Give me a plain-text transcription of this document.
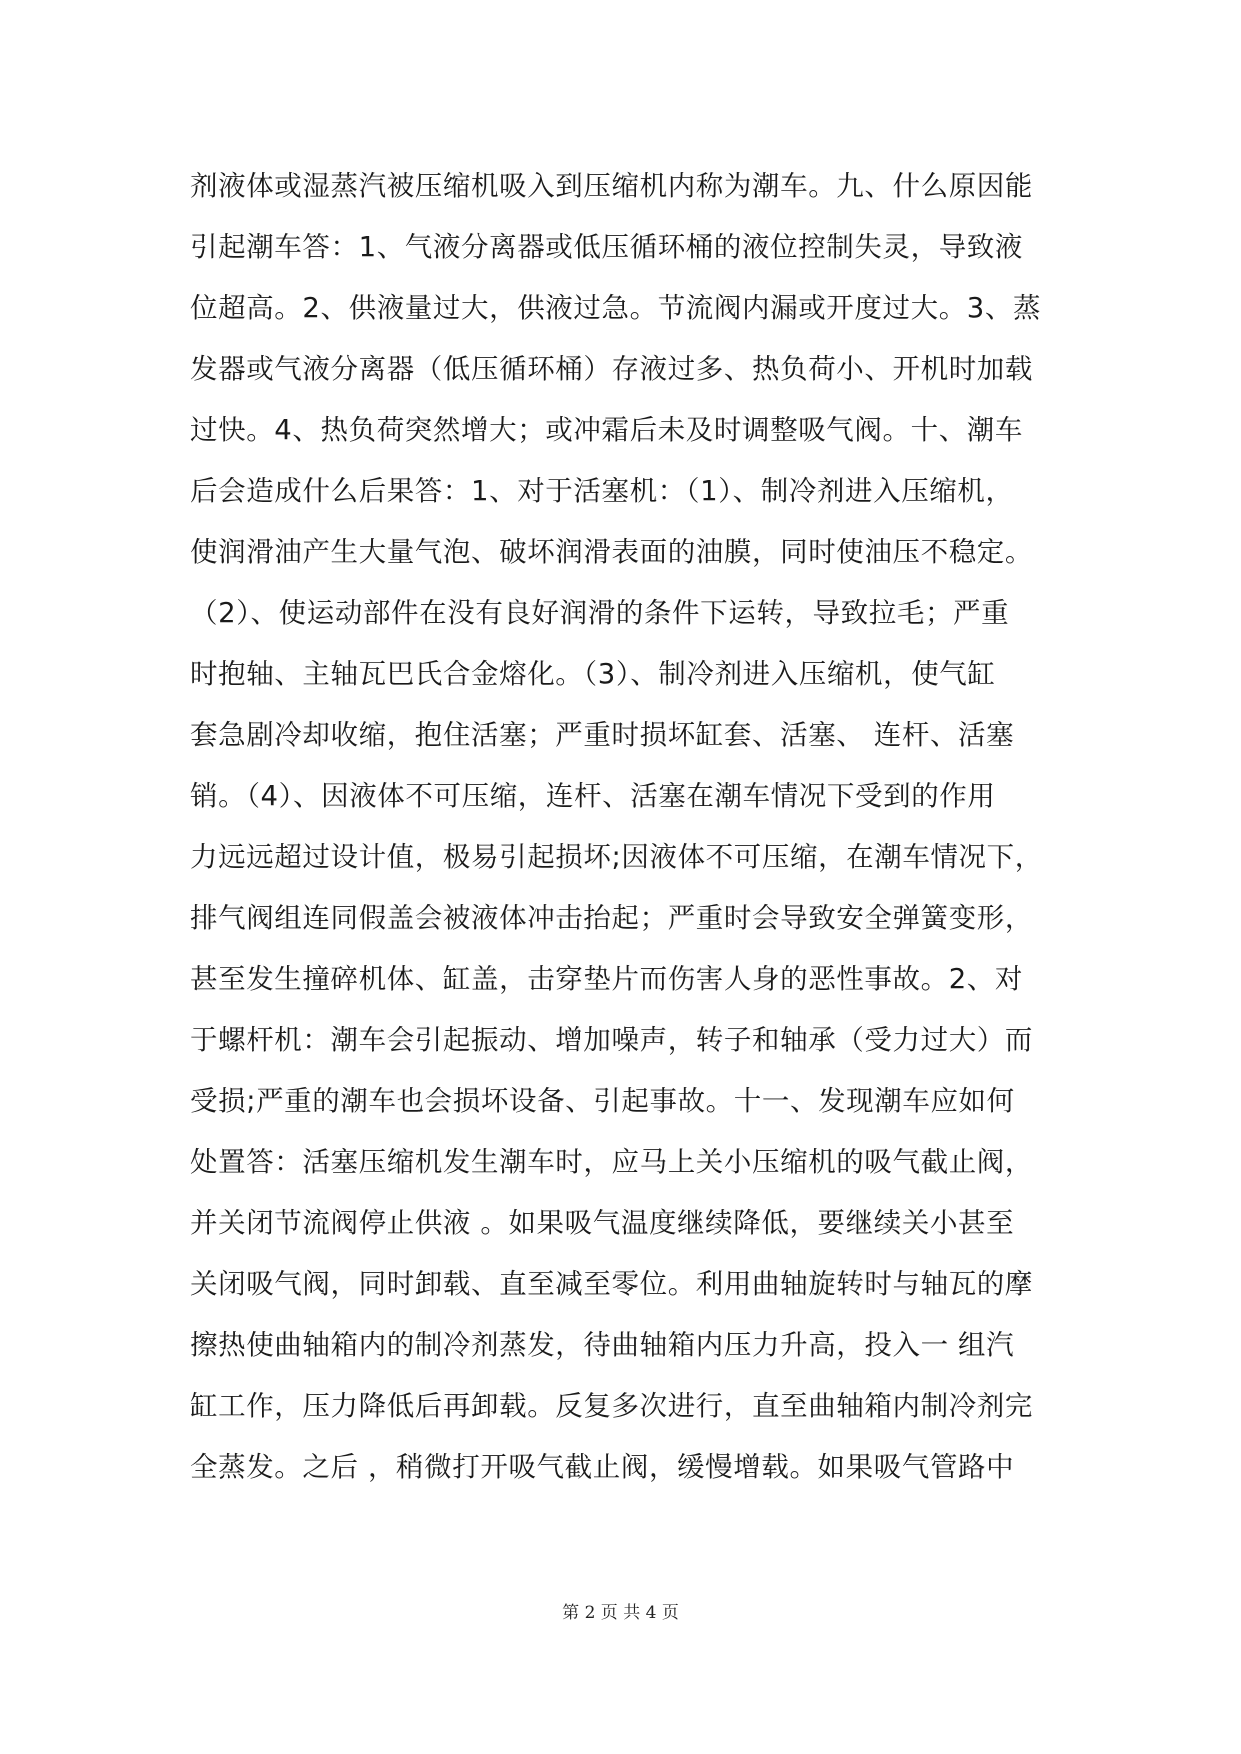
剂液体或湿蒸汽被压缩机吸入到压缩机内称为潮车。九、什么原因能
引起潮车答：1、气液分离器或低压循环桶的液位控制失灵，导致液
位超高。2、供液量过大，供液过急。节流阀内漏或开度过大。3、蒸
发器或气液分离器（低压循环桶）存液过多、热负荷小、开机时加载
过快。4、热负荷突然增大；或冲霜后未及时调整吸气阀。十、潮车
后会造成什么后果答：1、对于活塞机：（1）、制冷剂进入压缩机，
使润滑油产生大量气泡、破坏润滑表面的油膜，同时使油压不稳定。
（2）、使运动部件在没有良好润滑的条件下运转，导致拉毛；严重
时抱轴、主轴瓦巴氏合金熔化。（3）、制冷剂进入压缩机，使气缸
套急剧冷却收缩，抱住活塞；严重时损坏缸套、活塞、 连杆、活塞
销。（4）、因液体不可压缩，连杆、活塞在潮车情况下受到的作用
力远远超过设计值，极易引起损坏;因液体不可压缩，在潮车情况下，
排气阀组连同假盖会被液体冲击抬起；严重时会导致安全弹簧变形，
甚至发生撞碎机体、缸盖，击穿垫片而伤害人身的恶性事故。2、对
于螺杆机：潮车会引起振动、增加噪声，转子和轴承（受力过大）而
受损;严重的潮车也会损坏设备、引起事故。十一、发现潮车应如何
处置答：活塞压缩机发生潮车时，应马上关小压缩机的吸气截止阀，
并关闭节流阀停止供液 。如果吸气温度继续降低，要继续关小甚至
关闭吸气阀，同时卸载、直至减至零位。利用曲轴旋转时与轴瓦的摩
擦热使曲轴箱内的制冷剂蒸发，待曲轴箱内压力升高，投入一 组汽
缸工作，压力降低后再卸载。反复多次进行，直至曲轴箱内制冷剂完
全蒸发。之后 ，稍微打开吸气截止阀，缓慢增载。如果吸气管路中
第 2 页 共 4 页
